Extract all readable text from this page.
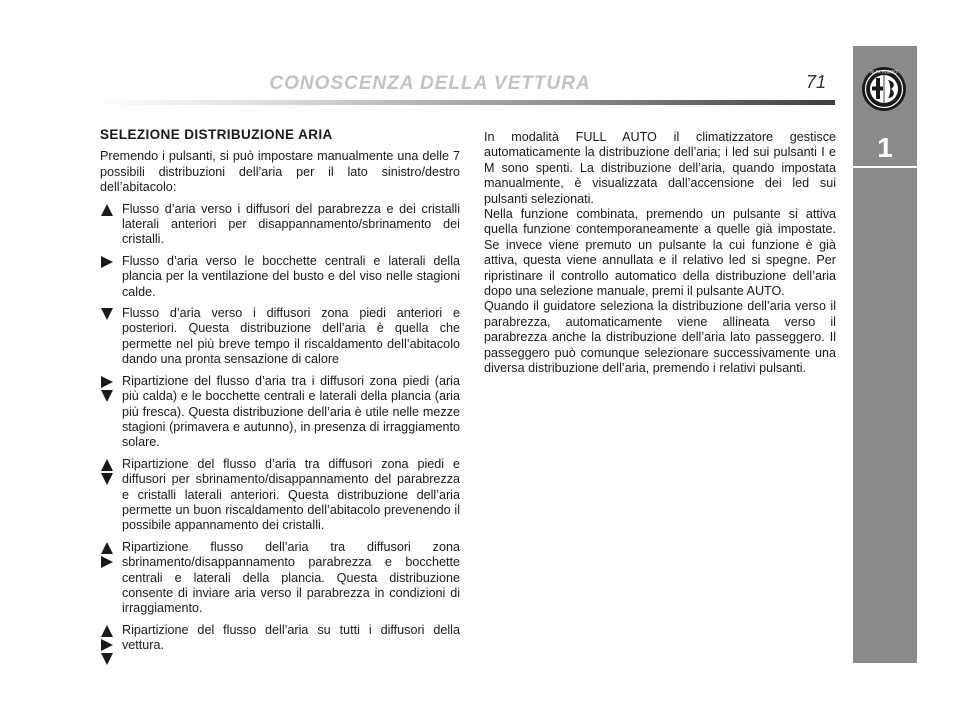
CONOSCENZA DELLA VETTURA	71	ALFA ROMEO
1
SELEZIONE DISTRIBUZIONE ARIA

Premendo i pulsanti, si può impostare manualmente una delle 7 possibili distribuzioni dell’aria per il lato sinistro/destro dell’abitacolo:

Flusso d’aria verso i diffusori del parabrezza e dei cristalli laterali anteriori per disappannamento/sbrinamento dei cristalli.
Flusso d’aria verso le bocchette centrali e laterali della plancia per la ventilazione del busto e del viso nelle stagioni calde.
Flusso d’aria verso i diffusori zona piedi anteriori e posteriori. Questa distribuzione dell’aria è quella che permette nel più breve tempo il riscaldamento dell’abitacolo dando una pronta sensazione di calore
Ripartizione del flusso d’aria tra i diffusori zona piedi (aria più calda) e le bocchette centrali e laterali della plancia (aria più fresca). Questa distribuzione dell’aria è utile nelle mezze stagioni (primavera e autunno), in presenza di irraggiamento solare.
Ripartizione del flusso d’aria tra diffusori zona piedi e diffusori per sbrinamento/disappannamento del parabrezza e cristalli laterali anteriori. Questa distribuzione dell’aria permette un buon riscaldamento dell’abitacolo prevenendo il possibile appannamento dei cristalli.
Ripartizione flusso dell’aria tra diffusori zona sbrinamento/disappannamento parabrezza e bocchette centrali e laterali della plancia. Questa distribuzione consente di inviare aria verso il parabrezza in condizioni di irraggiamento.
Ripartizione del flusso dell’aria su tutti i diffusori della vettura.

In modalità FULL AUTO il climatizzatore gestisce automaticamente la distribuzione dell’aria; i led sui pulsanti I e M sono spenti. La distribuzione dell’aria, quando impostata manualmente, è visualizzata dall’accensione dei led sui pulsanti selezionati.

Nella funzione combinata, premendo un pulsante si attiva quella funzione contemporaneamente a quelle già impostate. Se invece viene premuto un pulsante la cui funzione è già attiva, questa viene annullata e il relativo led si spegne. Per ripristinare il controllo automatico della distribuzione dell’aria dopo una selezione manuale, premi il pulsante AUTO.

Quando il guidatore seleziona la distribuzione dell’aria verso il parabrezza, automaticamente viene allineata verso il parabrezza anche la distribuzione dell’aria lato passeggero. Il passeggero può comunque selezionare successivamente una diversa distribuzione dell’aria, premendo i relativi pulsanti.
